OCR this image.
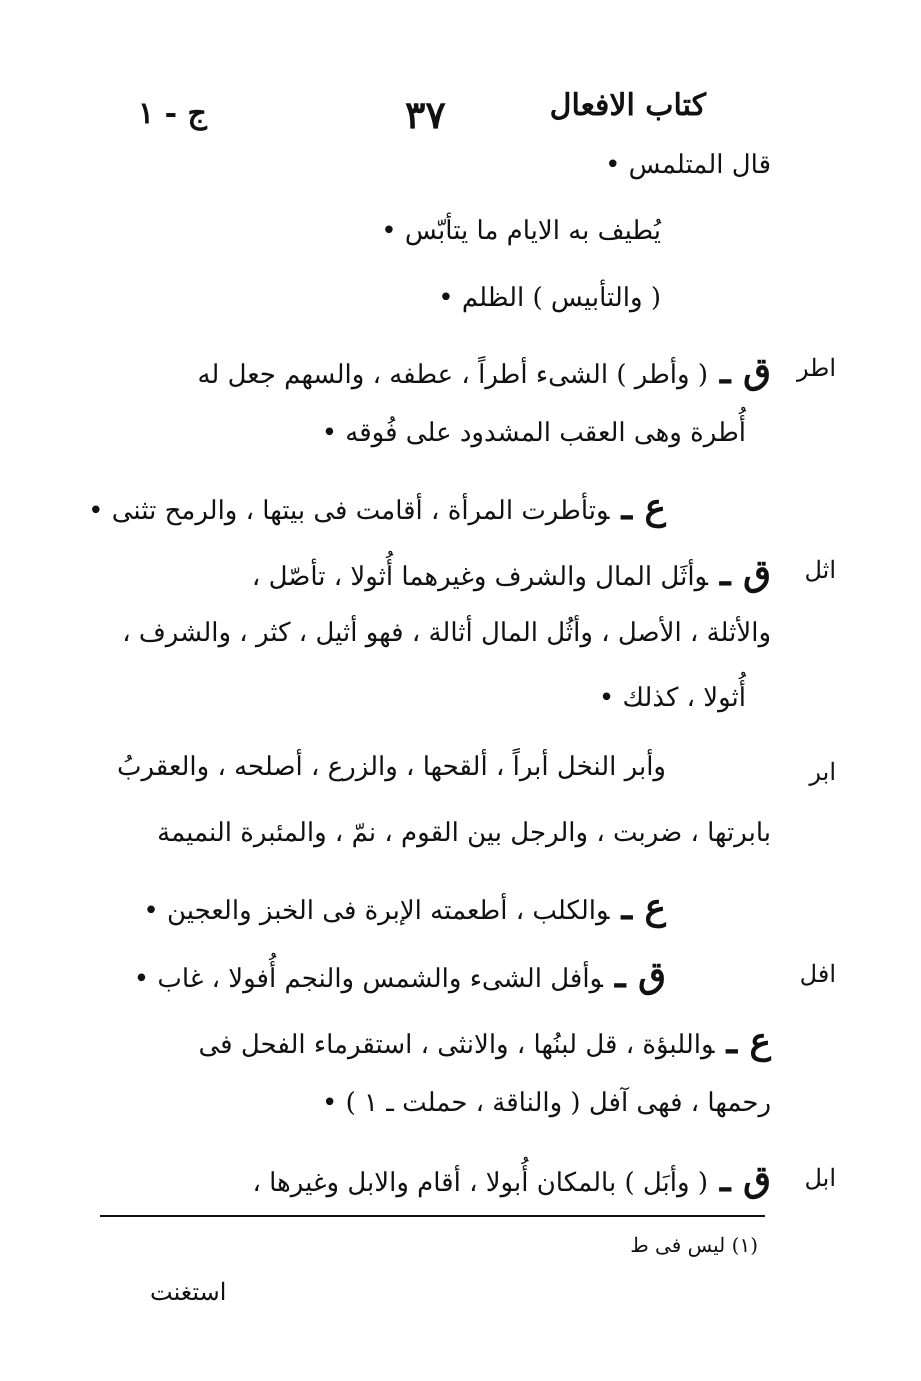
كتاب الافعال
٣٧
ج - ١
قال المتلمس •
يُطيف به الايام ما يتأبّس •
( والتأبيس ) الظلم •
ق ـ( وأطر ) الشىء أطراً ، عطفه ، والسهم جعل له
أُطرة وهى العقب المشدود على فُوقه •
ع ـوتأطرت المرأة ، أقامت فى بيتها ، والرمح تثنى •
ق ـوأثَل المال والشرف وغيرهما أُثولا ، تأصّل ،
والأثلة ، الأصل ، وأثُل المال أثالة ، فهو أثيل ، كثر ، والشرف ،
أُثولا ، كذلك •
وأبر النخل أبراً ، ألقحها ، والزرع ، أصلحه ، والعقربُ
بابرتها ، ضربت ، والرجل بين القوم ، نمّ ، والمئبرة النميمة
ع ـوالكلب ، أطعمته الإبرة فى الخبز والعجين •
ق ـوأفل الشىء والشمس والنجم أُفولا ، غاب •
ع ـواللبؤة ، قل لبنُها ، والانثى ، استقرماء الفحل فى
رحمها ، فهى آفل ( والناقة ، حملت ـ ١ ) •
ق ـ( وأبَل ) بالمكان أُبولا ، أقام والابل وغيرها ،
اطر
اثل
ابر
افل
ابل
(١) ليس فى ط
استغنت
